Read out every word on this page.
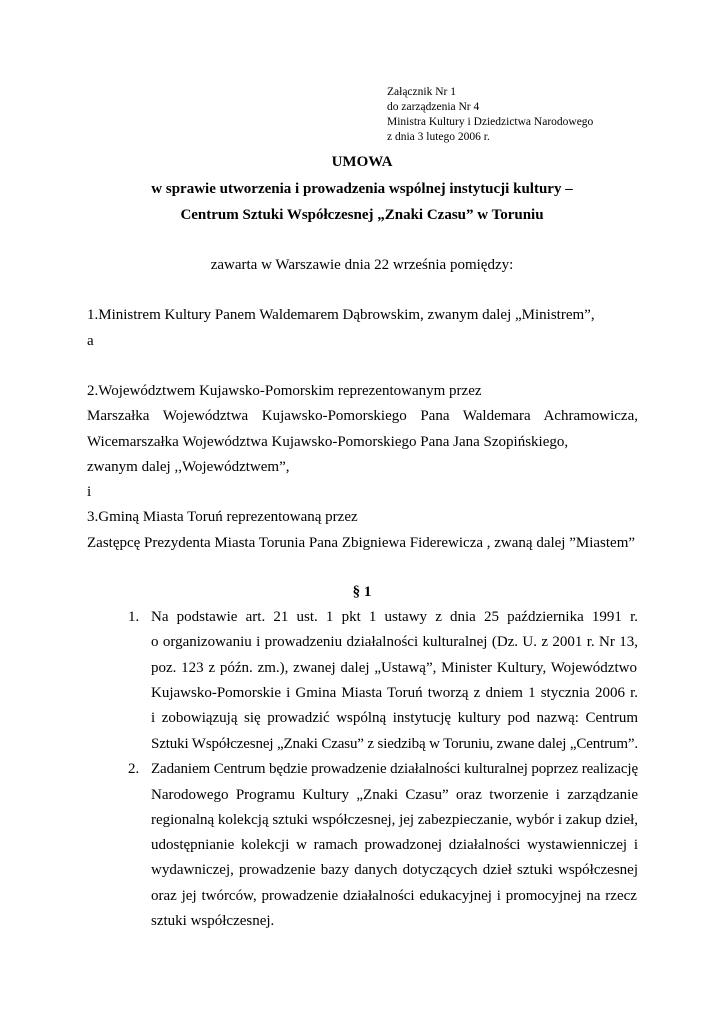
Załącznik Nr 1
do zarządzenia Nr 4
Ministra Kultury i Dziedzictwa Narodowego
z dnia 3 lutego 2006 r.
UMOWA
w sprawie utworzenia i prowadzenia wspólnej instytucji kultury –
Centrum Sztuki Współczesnej „Znaki Czasu” w Toruniu
zawarta w Warszawie dnia 22 września pomiędzy:
1.Ministrem Kultury Panem Waldemarem Dąbrowskim, zwanym dalej „Ministrem”,
a
2.Województwem Kujawsko-Pomorskim reprezentowanym przez
Marszałka Województwa Kujawsko-Pomorskiego Pana Waldemara Achramowicza,
Wicemarszałka Województwa Kujawsko-Pomorskiego Pana Jana Szopińskiego,
zwanym dalej ,,Województwem”,
i
3.Gminą Miasta Toruń reprezentowaną przez
Zastępcę Prezydenta Miasta Torunia Pana Zbigniewa Fiderewicza , zwaną dalej ”Miastem”
§ 1
1. Na podstawie art. 21 ust. 1 pkt 1 ustawy z dnia 25 października 1991 r.
o organizowaniu i prowadzeniu działalności kulturalnej (Dz. U. z 2001 r. Nr 13,
poz. 123 z późn. zm.), zwanej dalej „Ustawą”, Minister Kultury, Województwo
Kujawsko-Pomorskie i Gmina Miasta Toruń tworzą z dniem 1 stycznia 2006 r.
i zobowiązują się prowadzić wspólną instytucję kultury pod nazwą: Centrum
Sztuki Współczesnej „Znaki Czasu” z siedzibą w Toruniu, zwane dalej „Centrum”.
2. Zadaniem Centrum będzie prowadzenie działalności kulturalnej poprzez realizację
Narodowego Programu Kultury „Znaki Czasu” oraz tworzenie i zarządzanie
regionalną kolekcją sztuki współczesnej, jej zabezpieczanie, wybór i zakup dzieł,
udostępnianie kolekcji w ramach prowadzonej działalności wystawienniczej i
wydawniczej, prowadzenie bazy danych dotyczących dzieł sztuki współczesnej
oraz jej twórców, prowadzenie działalności edukacyjnej i promocyjnej na rzecz
sztuki współczesnej.
